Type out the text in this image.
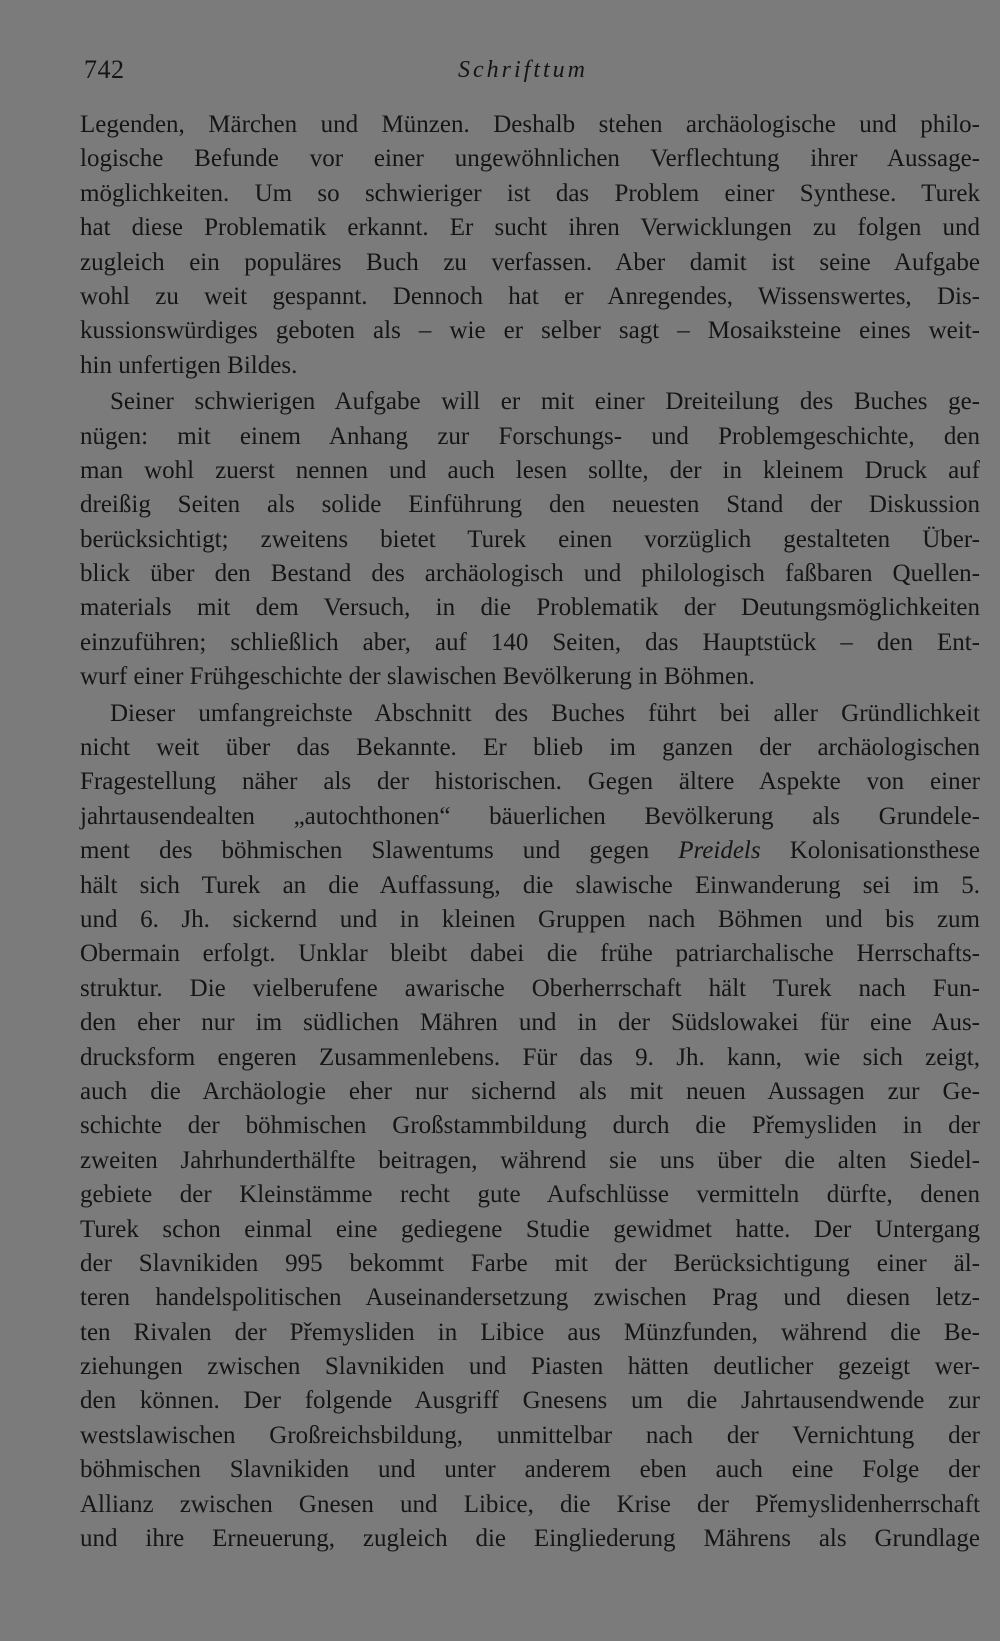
742	Schrifttum
Legenden, Märchen und Münzen. Deshalb stehen archäologische und philo-
logische Befunde vor einer ungewöhnlichen Verflechtung ihrer Aussage-
möglichkeiten. Um so schwieriger ist das Problem einer Synthese. Turek
hat diese Problematik erkannt. Er sucht ihren Verwicklungen zu folgen und
zugleich ein populäres Buch zu verfassen. Aber damit ist seine Aufgabe
wohl zu weit gespannt. Dennoch hat er Anregendes, Wissenswertes, Dis-
kussionswürdiges geboten als – wie er selber sagt – Mosaiksteine eines weit-
hin unfertigen Bildes.
Seiner schwierigen Aufgabe will er mit einer Dreiteilung des Buches ge-
nügen: mit einem Anhang zur Forschungs- und Problemgeschichte, den
man wohl zuerst nennen und auch lesen sollte, der in kleinem Druck auf
dreißig Seiten als solide Einführung den neuesten Stand der Diskussion
berücksichtigt; zweitens bietet Turek einen vorzüglich gestalteten Über-
blick über den Bestand des archäologisch und philologisch faßbaren Quellen-
materials mit dem Versuch, in die Problematik der Deutungsmöglichkeiten
einzuführen; schließlich aber, auf 140 Seiten, das Hauptstück – den Ent-
wurf einer Frühgeschichte der slawischen Bevölkerung in Böhmen.
Dieser umfangreichste Abschnitt des Buches führt bei aller Gründlichkeit
nicht weit über das Bekannte. Er blieb im ganzen der archäologischen
Fragestellung näher als der historischen. Gegen ältere Aspekte von einer
jahrtausendealten „autochthonen“ bäuerlichen Bevölkerung als Grundele-
ment des böhmischen Slawentums und gegen Preidels Kolonisationsthese
hält sich Turek an die Auffassung, die slawische Einwanderung sei im 5.
und 6. Jh. sickernd und in kleinen Gruppen nach Böhmen und bis zum
Obermain erfolgt. Unklar bleibt dabei die frühe patriarchalische Herrschafts-
struktur. Die vielberufene awarische Oberherrschaft hält Turek nach Fun-
den eher nur im südlichen Mähren und in der Südslowakei für eine Aus-
drucksform engeren Zusammenlebens. Für das 9. Jh. kann, wie sich zeigt,
auch die Archäologie eher nur sichernd als mit neuen Aussagen zur Ge-
schichte der böhmischen Großstammbildung durch die Přemysliden in der
zweiten Jahrhunderthälfte beitragen, während sie uns über die alten Siedel-
gebiete der Kleinstämme recht gute Aufschlüsse vermitteln dürfte, denen
Turek schon einmal eine gediegene Studie gewidmet hatte. Der Untergang
der Slavnikiden 995 bekommt Farbe mit der Berücksichtigung einer äl-
teren handelspolitischen Auseinandersetzung zwischen Prag und diesen letz-
ten Rivalen der Přemysliden in Libice aus Münzfunden, während die Be-
ziehungen zwischen Slavnikiden und Piasten hätten deutlicher gezeigt wer-
den können. Der folgende Ausgriff Gnesens um die Jahrtausendwende zur
westslawischen Großreichsbildung, unmittelbar nach der Vernichtung der
böhmischen Slavnikiden und unter anderem eben auch eine Folge der
Allianz zwischen Gnesen und Libice, die Krise der Přemyslidenherrschaft
und ihre Erneuerung, zugleich die Eingliederung Mährens als Grundlage
